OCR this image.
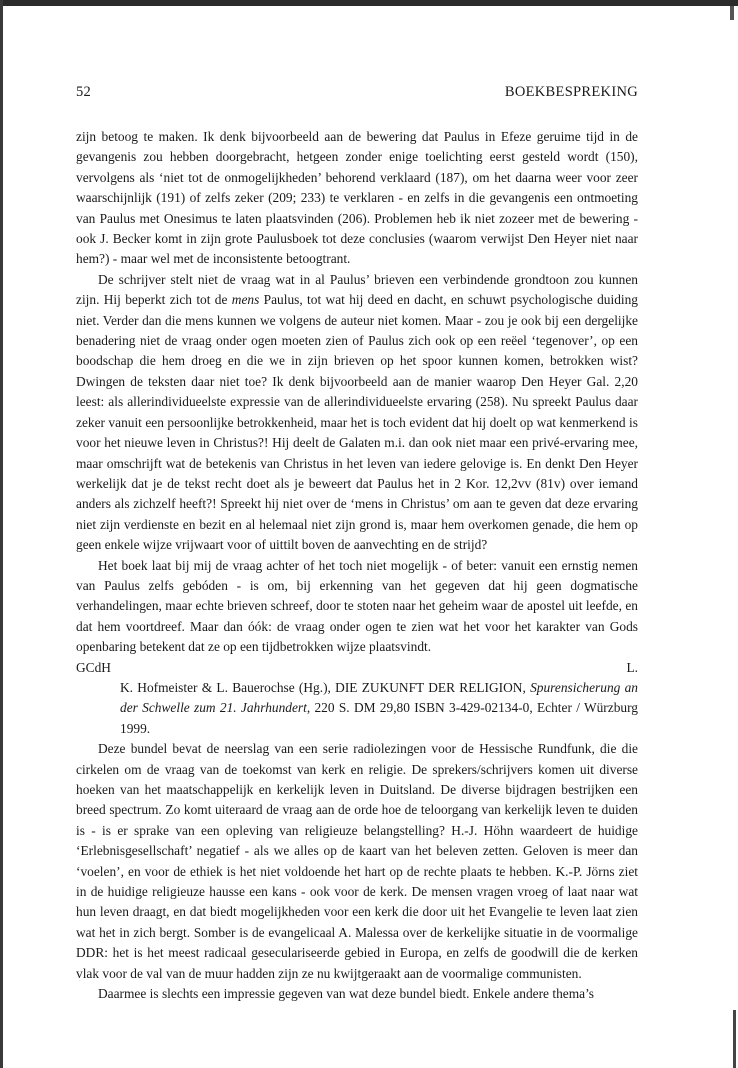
52	BOEKBESPREKING

zijn betoog te maken. Ik denk bijvoorbeeld aan de bewering dat Paulus in Efeze geruime tijd in de gevangenis zou hebben doorgebracht, hetgeen zonder enige toelichting eerst gesteld wordt (150), vervolgens als ‘niet tot de onmogelijkheden’ behorend verklaard (187), om het daarna weer voor zeer waarschijnlijk (191) of zelfs zeker (209; 233) te verklaren - en zelfs in die gevangenis een ontmoeting van Paulus met Onesimus te laten plaatsvinden (206). Problemen heb ik niet zozeer met de bewering - ook J. Becker komt in zijn grote Paulusboek tot deze conclusies (waarom verwijst Den Heyer niet naar hem?) - maar wel met de inconsistente betoogtrant.

De schrijver stelt niet de vraag wat in al Paulus’ brieven een verbindende grondtoon zou kunnen zijn. Hij beperkt zich tot de mens Paulus, tot wat hij deed en dacht, en schuwt psychologische duiding niet. Verder dan die mens kunnen we volgens de auteur niet komen. Maar - zou je ook bij een dergelijke benadering niet de vraag onder ogen moeten zien of Paulus zich ook op een reëel ‘tegenover’, op een boodschap die hem droeg en die we in zijn brieven op het spoor kunnen komen, betrokken wist? Dwingen de teksten daar niet toe? Ik denk bijvoorbeeld aan de manier waarop Den Heyer Gal. 2,20 leest: als allerindividueelste expressie van de allerindividueelste ervaring (258). Nu spreekt Paulus daar zeker vanuit een persoonlijke betrokkenheid, maar het is toch evident dat hij doelt op wat kenmerkend is voor het nieuwe leven in Christus?! Hij deelt de Galaten m.i. dan ook niet maar een privé-ervaring mee, maar omschrijft wat de betekenis van Christus in het leven van iedere gelovige is. En denkt Den Heyer werkelijk dat je de tekst recht doet als je beweert dat Paulus het in 2 Kor. 12,2vv (81v) over iemand anders als zichzelf heeft?! Spreekt hij niet over de ‘mens in Christus’ om aan te geven dat deze ervaring niet zijn verdienste en bezit en al helemaal niet zijn grond is, maar hem overkomen genade, die hem op geen enkele wijze vrijwaart voor of uittilt boven de aanvechting en de strijd?

Het boek laat bij mij de vraag achter of het toch niet mogelijk - of beter: vanuit een ernstig nemen van Paulus zelfs gebóden - is om, bij erkenning van het gegeven dat hij geen dogmatische verhandelingen, maar echte brieven schreef, door te stoten naar het geheim waar de apostel uit leefde, en dat hem voortdreef. Maar dan óók: de vraag onder ogen te zien wat het voor het karakter van Gods openbaring betekent dat ze op een tijdbetrokken wijze plaatsvindt.

GCdH	L.

K. Hofmeister & L. Bauerochse (Hg.), DIE ZUKUNFT DER RELIGION, Spurensicherung an der Schwelle zum 21. Jahrhundert, 220 S. DM 29,80 ISBN 3-429-02134-0, Echter / Würzburg 1999.

Deze bundel bevat de neerslag van een serie radiolezingen voor de Hessische Rundfunk, die die cirkelen om de vraag van de toekomst van kerk en religie. De sprekers/schrijvers komen uit diverse hoeken van het maatschappelijk en kerkelijk leven in Duitsland. De diverse bijdragen bestrijken een breed spectrum. Zo komt uiteraard de vraag aan de orde hoe de teloorgang van kerkelijk leven te duiden is - is er sprake van een opleving van religieuze belangstelling? H.-J. Höhn waardeert de huidige ‘Erlebnisgesellschaft’ negatief - als we alles op de kaart van het beleven zetten. Geloven is meer dan ‘voelen’, en voor de ethiek is het niet voldoende het hart op de rechte plaats te hebben. K.-P. Jörns ziet in de huidige religieuze hausse een kans - ook voor de kerk. De mensen vragen vroeg of laat naar wat hun leven draagt, en dat biedt mogelijkheden voor een kerk die door uit het Evangelie te leven laat zien wat het in zich bergt. Somber is de evangelicaal A. Malessa over de kerkelijke situatie in de voormalige DDR: het is het meest radicaal geseculariseerde gebied in Europa, en zelfs de goodwill die de kerken vlak voor de val van de muur hadden zijn ze nu kwijtgeraakt aan de voormalige communisten.

Daarmee is slechts een impressie gegeven van wat deze bundel biedt. Enkele andere thema’s
